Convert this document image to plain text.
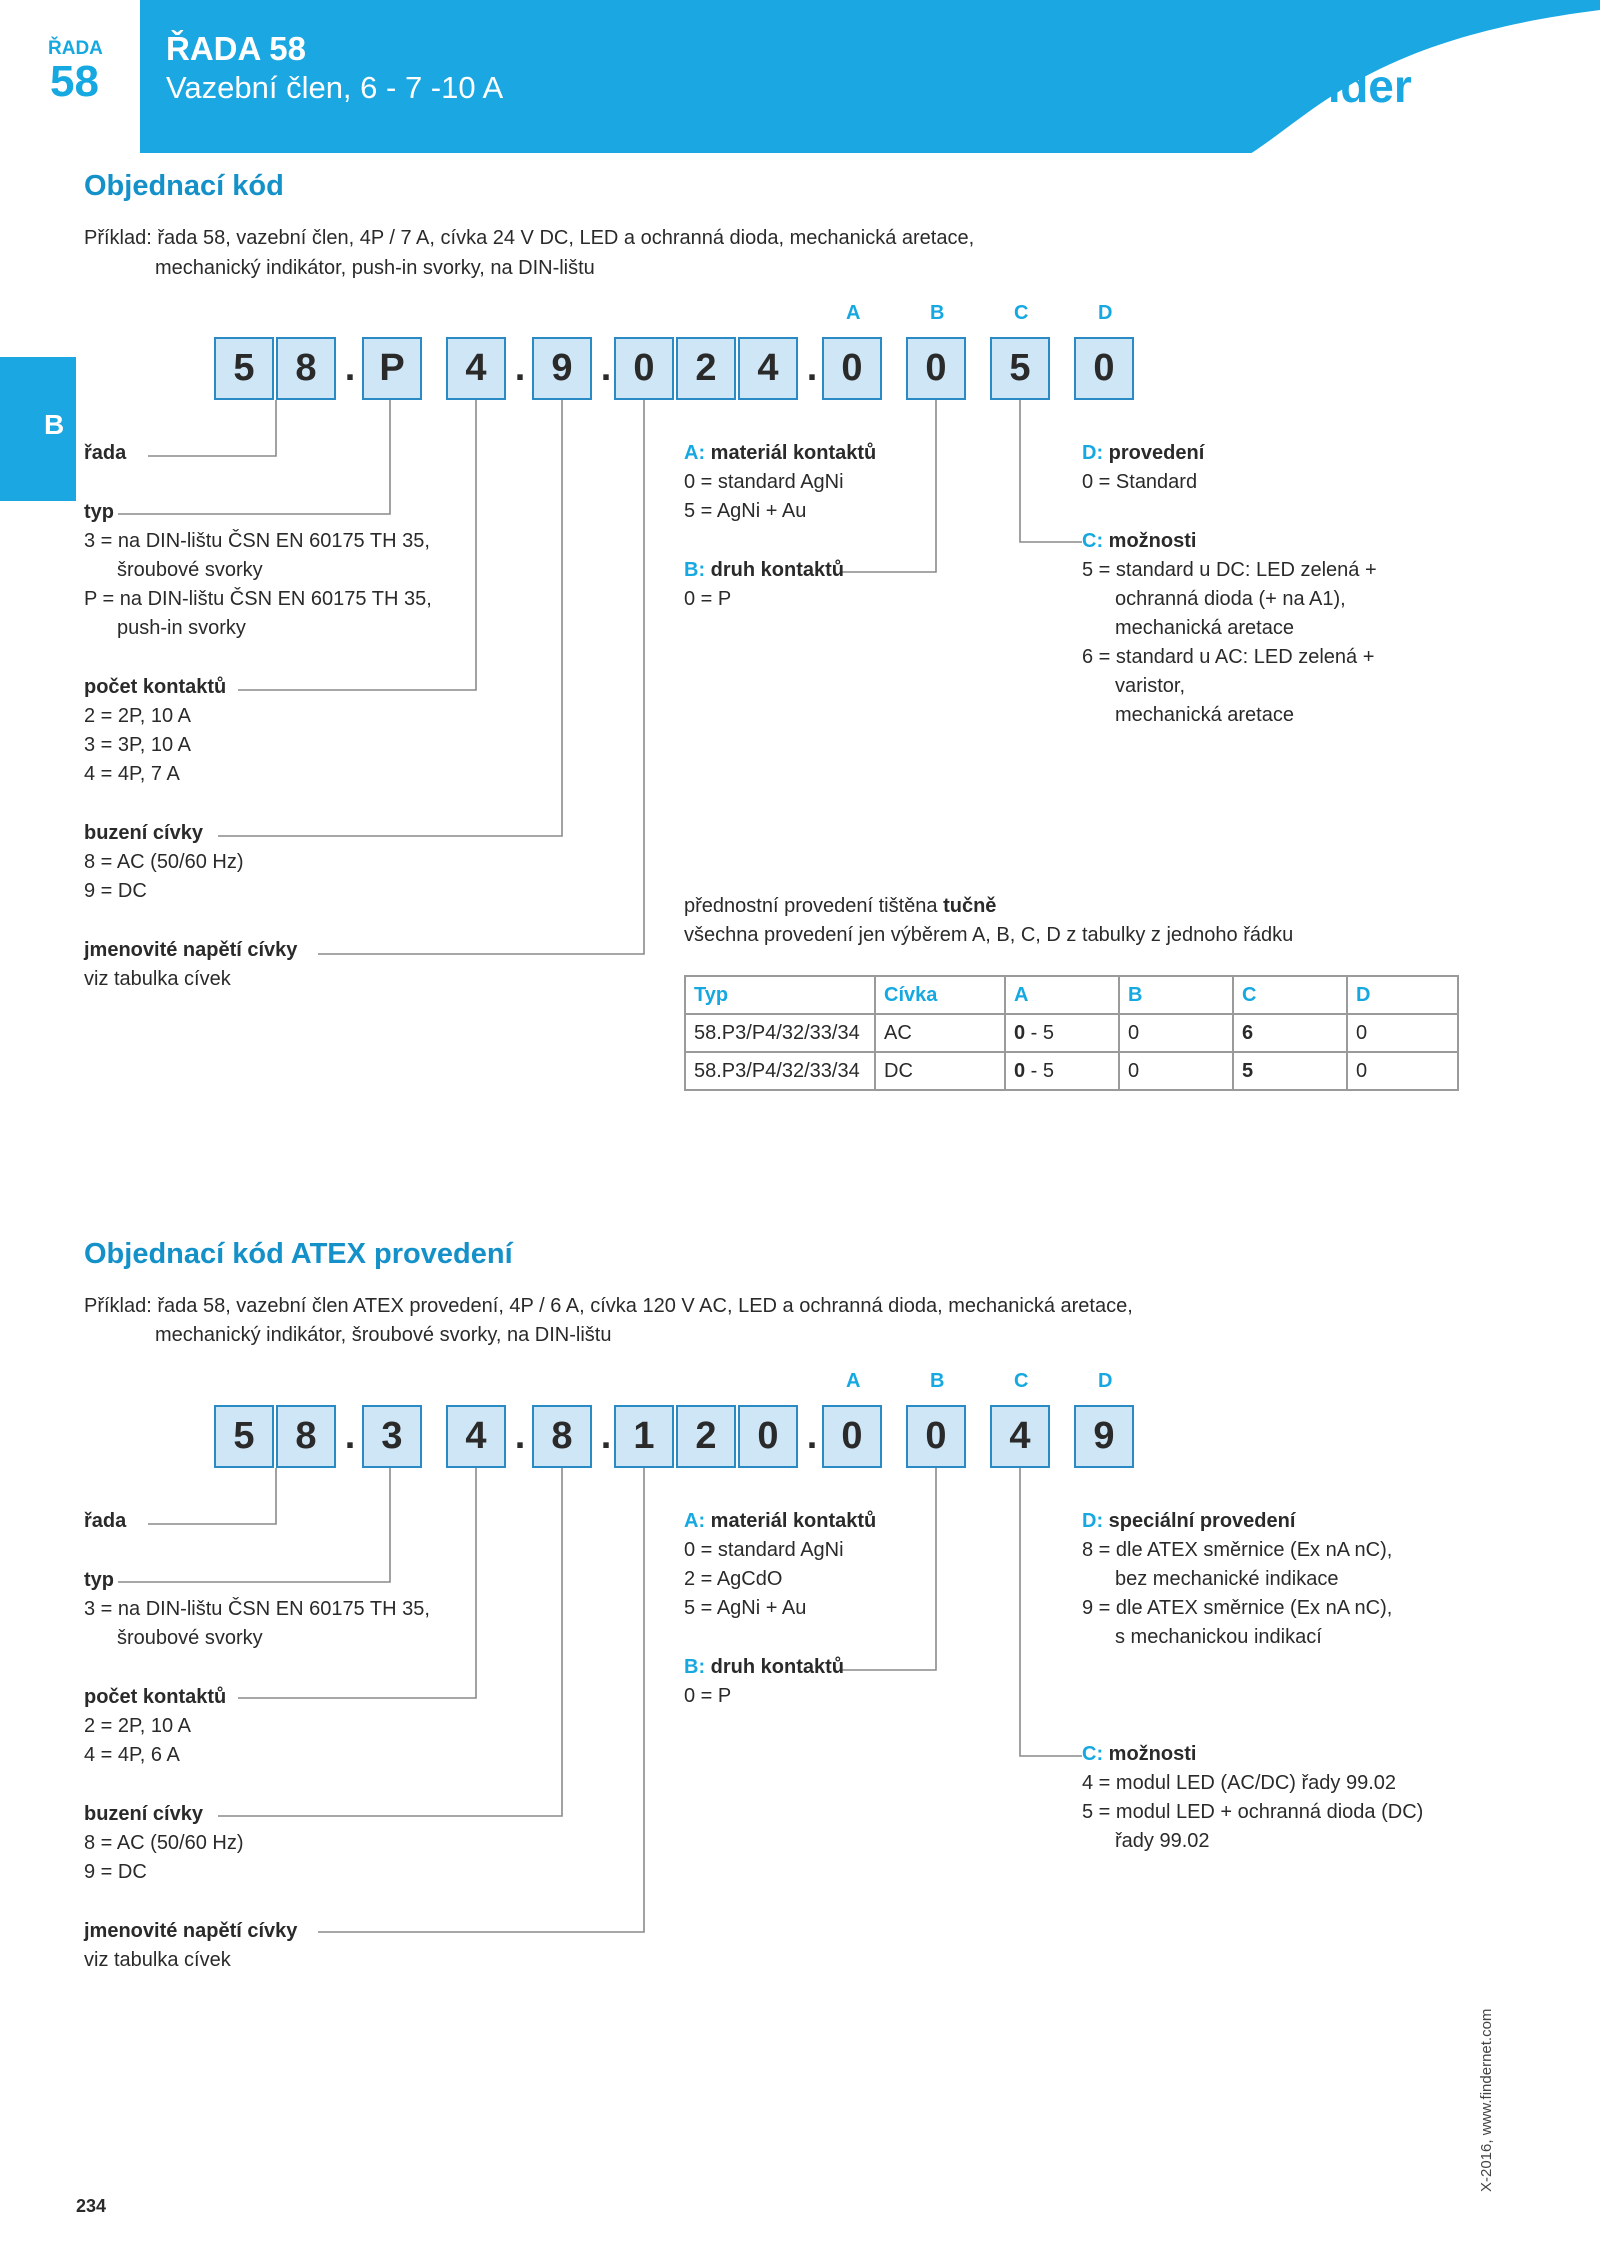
ŘADA
58
ŘADA 58
Vazební člen, 6 - 7 -10 A	finder
B
Objednací kód
Příklad: řada 58, vazební člen, 4P / 7 A, cívka 24 V DC, LED a ochranná dioda, mechanická aretace,
mechanický indikátor, push-in svorky, na DIN-lištu
A	B	C	D
5	8 . P	4 . 9 . 0	2	4 . 0	0	5	0
řada
typ
3 = na DIN-lištu ČSN EN 60175 TH 35,
šroubové svorky
P = na DIN-lištu ČSN EN 60175 TH 35,
push-in svorky
počet kontaktů
2 = 2P, 10 A
3 = 3P, 10 A
4 = 4P, 7 A
buzení cívky
8 = AC (50/60 Hz)
9 = DC
jmenovité napětí cívky
viz tabulka cívek
A: materiál kontaktů
0 = standard AgNi
5 = AgNi + Au
B: druh kontaktů
0 = P
D: provedení
0 = Standard
C: možnosti
5 = standard u DC: LED zelená +
ochranná dioda (+ na A1),
mechanická aretace
6 = standard u AC: LED zelená +
varistor,
mechanická aretace
přednostní provedení tištěna tučně
všechna provedení jen výběrem A, B, C, D z tabulky z jednoho řádku
Typ	Cívka	A	B	C	D
58.P3/P4/32/33/34	AC	0 - 5	0	6	0
58.P3/P4/32/33/34	DC	0 - 5	0	5	0
Objednací kód ATEX provedení
Příklad: řada 58, vazební člen ATEX provedení, 4P / 6 A, cívka 120 V AC, LED a ochranná dioda, mechanická aretace,
mechanický indikátor, šroubové svorky, na DIN-lištu
A	B	C	D
5	8 . 3	4 . 8 . 1	2	0 . 0	0	4	9
řada
typ
3 = na DIN-lištu ČSN EN 60175 TH 35,
šroubové svorky
počet kontaktů
2 = 2P, 10 A
4 = 4P, 6 A
buzení cívky
8 = AC (50/60 Hz)
9 = DC
jmenovité napětí cívky
viz tabulka cívek
A: materiál kontaktů
0 = standard AgNi
2 = AgCdO
5 = AgNi + Au
B: druh kontaktů
0 = P
D: speciální provedení
8 = dle ATEX směrnice (Ex nA nC),
bez mechanické indikace
9 = dle ATEX směrnice (Ex nA nC),
s mechanickou indikací
C: možnosti
4 = modul LED (AC/DC) řady 99.02
5 = modul LED + ochranná dioda (DC)
řady 99.02
234
X-2016, www.findernet.com
